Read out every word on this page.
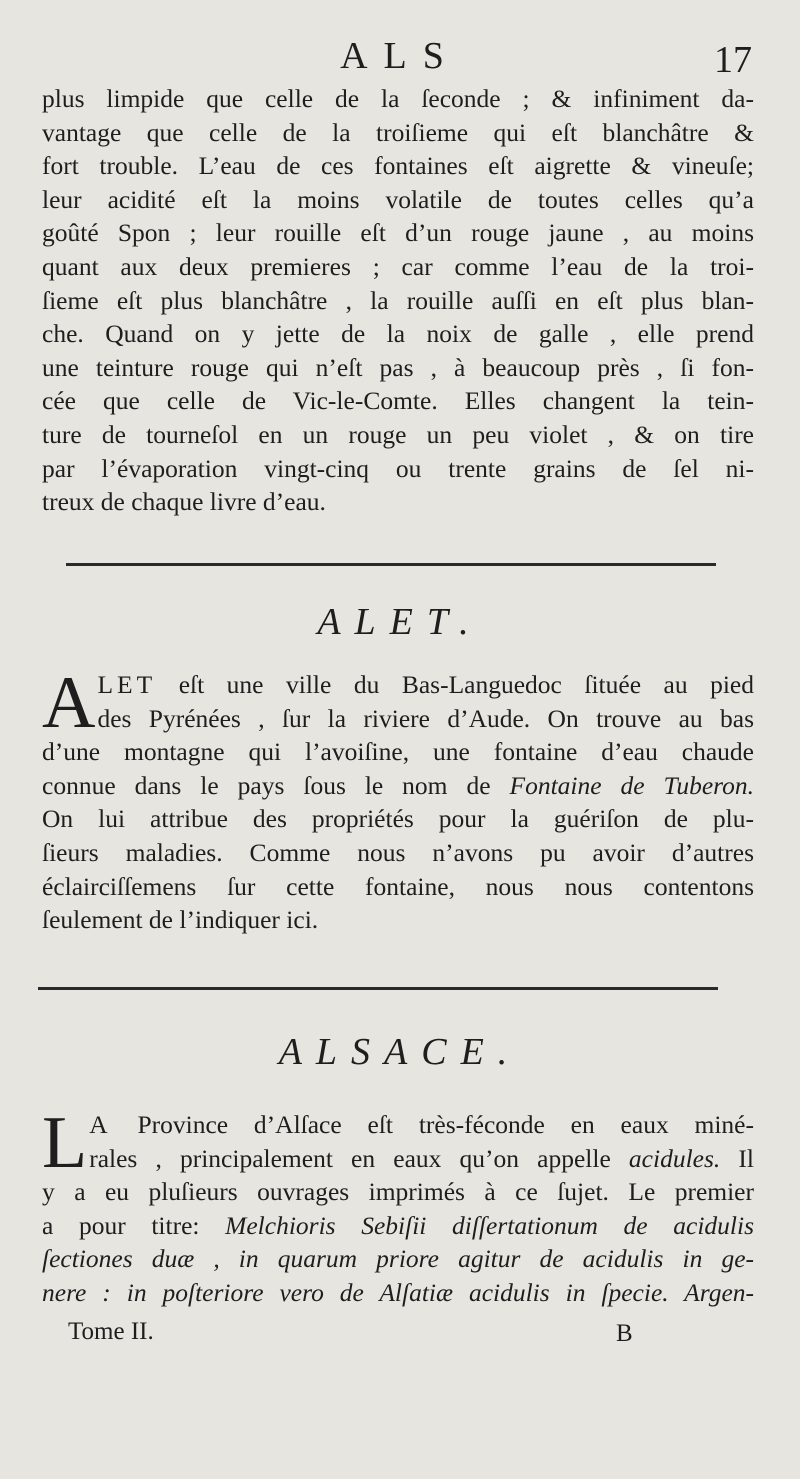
ALS	17
plus limpide que celle de la ſeconde ; & infiniment da-
vantage que celle de la troiſieme qui eſt blanchâtre &
fort trouble. L’eau de ces fontaines eſt aigrette & vineuſe;
leur acidité eſt la moins volatile de toutes celles qu’a
goûté Spon ; leur rouille eſt d’un rouge jaune , au moins
quant aux deux premieres ; car comme l’eau de la troi-
ſieme eſt plus blanchâtre , la rouille auſſi en eſt plus blan-
che. Quand on y jette de la noix de galle , elle prend
une teinture rouge qui n’eſt pas , à beaucoup près , ſi fon-
cée que celle de Vic-le-Comte. Elles changent la tein-
ture de tourneſol en un rouge un peu violet , & on tire
par l’évaporation vingt-cinq ou trente grains de ſel ni-
treux de chaque livre d’eau.
ALET.
A LET eſt une ville du Bas-Languedoc ſituée au pied
des Pyrénées , ſur la riviere d’Aude. On trouve au bas
d’une montagne qui l’avoiſine, une fontaine d’eau chaude
connue dans le pays ſous le nom de Fontaine de Tuberon.
On lui attribue des propriétés pour la guériſon de plu-
ſieurs maladies. Comme nous n’avons pu avoir d’autres
éclairciſſemens ſur cette fontaine, nous nous contentons
ſeulement de l’indiquer ici.
ALSACE.
L A Province d’Alſace eſt très-féconde en eaux miné-
rales , principalement en eaux qu’on appelle acidules. Il
y a eu pluſieurs ouvrages imprimés à ce ſujet. Le premier
a pour titre: Melchioris Sebiſii diſſertationum de acidulis
ſectiones duæ , in quarum priore agitur de acidulis in ge-
nere : in poſteriore vero de Alſatiæ acidulis in ſpecie. Argen-
Tome II.	B
